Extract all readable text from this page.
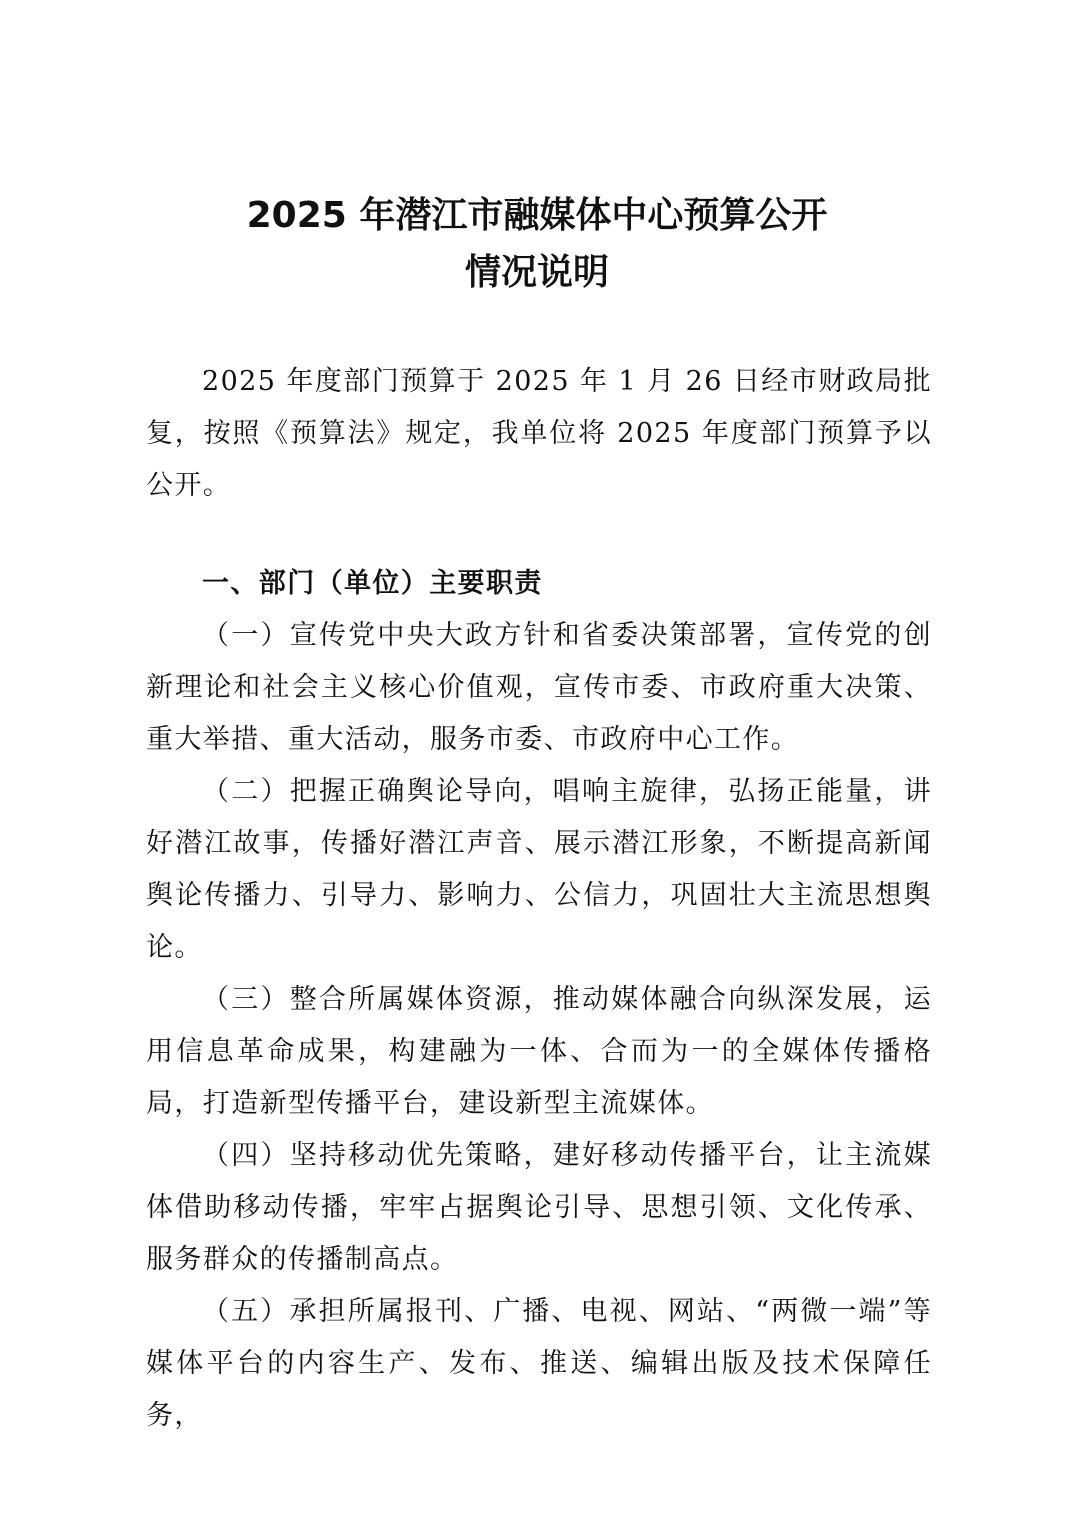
2025 年潜江市融媒体中心预算公开
情况说明

2025 年度部门预算于 2025 年 1 月 26 日经市财政局批复，按照《预算法》规定，我单位将 2025 年度部门预算予以公开。

一、部门（单位）主要职责

（一）宣传党中央大政方针和省委决策部署，宣传党的创新理论和社会主义核心价值观，宣传市委、市政府重大决策、重大举措、重大活动，服务市委、市政府中心工作。

（二）把握正确舆论导向，唱响主旋律，弘扬正能量，讲好潜江故事，传播好潜江声音、展示潜江形象，不断提高新闻舆论传播力、引导力、影响力、公信力，巩固壮大主流思想舆论。

（三）整合所属媒体资源，推动媒体融合向纵深发展，运用信息革命成果，构建融为一体、合而为一的全媒体传播格局，打造新型传播平台，建设新型主流媒体。

（四）坚持移动优先策略，建好移动传播平台，让主流媒体借助移动传播，牢牢占据舆论引导、思想引领、文化传承、服务群众的传播制高点。

（五）承担所属报刊、广播、电视、网站、“两微一端”等媒体平台的内容生产、发布、推送、编辑出版及技术保障任务，
